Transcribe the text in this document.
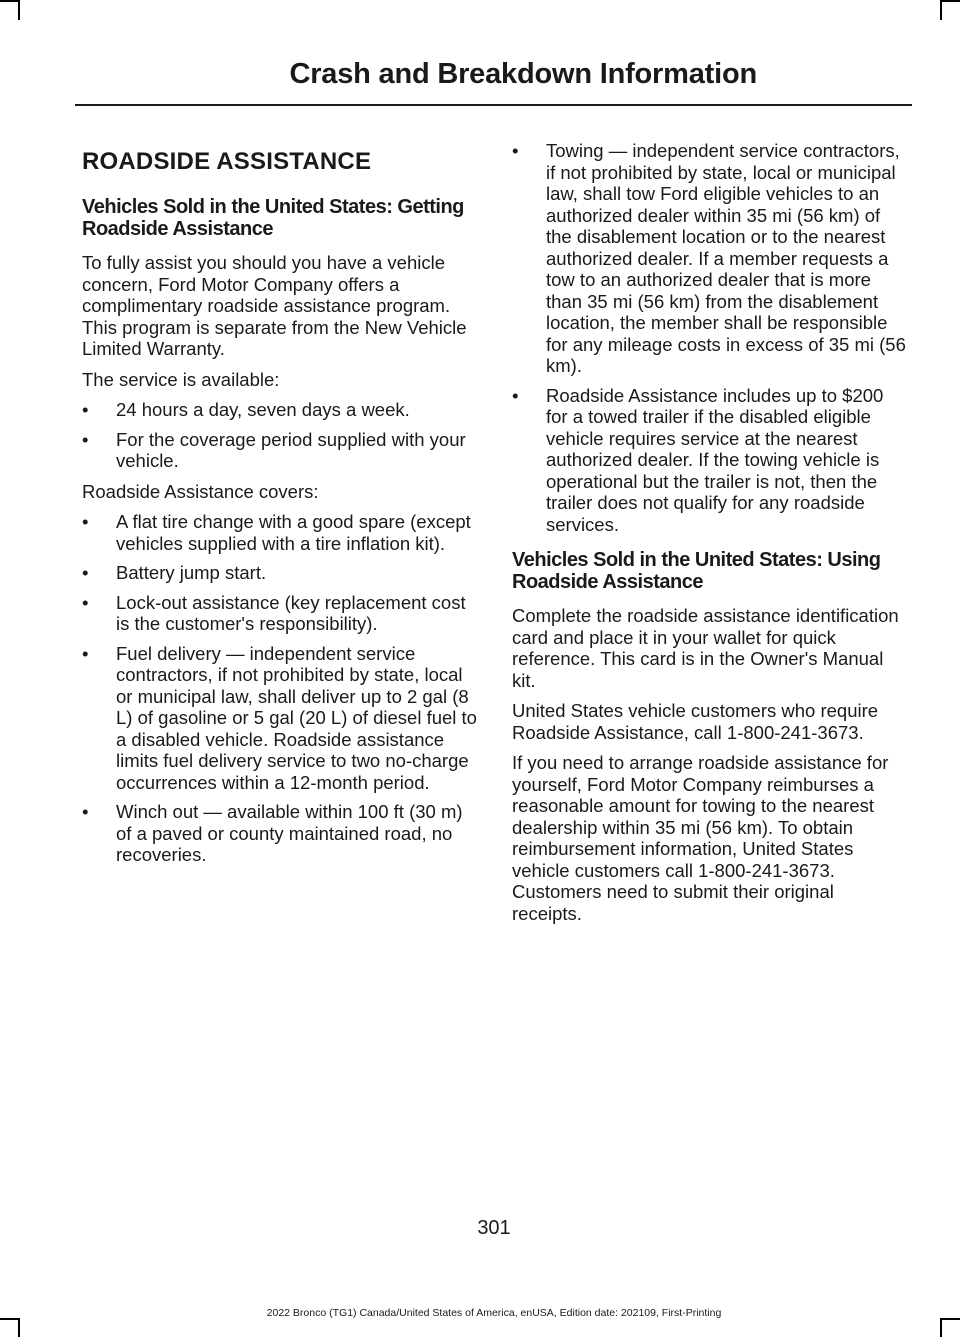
Crash and Breakdown Information
ROADSIDE ASSISTANCE
Vehicles Sold in the United States: Getting Roadside Assistance

To fully assist you should you have a vehicle concern, Ford Motor Company offers a complimentary roadside assistance program. This program is separate from the New Vehicle Limited Warranty.

The service is available:

• 24 hours a day, seven days a week.
• For the coverage period supplied with your vehicle.

Roadside Assistance covers:

• A flat tire change with a good spare (except vehicles supplied with a tire inflation kit).
• Battery jump start.
• Lock-out assistance (key replacement cost is the customer's responsibility).
• Fuel delivery — independent service contractors, if not prohibited by state, local or municipal law, shall deliver up to 2 gal (8 L) of gasoline or 5 gal (20 L) of diesel fuel to a disabled vehicle. Roadside assistance limits fuel delivery service to two no-charge occurrences within a 12-month period.
• Winch out — available within 100 ft (30 m) of a paved or county maintained road, no recoveries.
• Towing — independent service contractors, if not prohibited by state, local or municipal law, shall tow Ford eligible vehicles to an authorized dealer within 35 mi (56 km) of the disablement location or to the nearest authorized dealer. If a member requests a tow to an authorized dealer that is more than 35 mi (56 km) from the disablement location, the member shall be responsible for any mileage costs in excess of 35 mi (56 km).
• Roadside Assistance includes up to $200 for a towed trailer if the disabled eligible vehicle requires service at the nearest authorized dealer. If the towing vehicle is operational but the trailer is not, then the trailer does not qualify for any roadside services.
Vehicles Sold in the United States: Using Roadside Assistance

Complete the roadside assistance identification card and place it in your wallet for quick reference. This card is in the Owner's Manual kit.

United States vehicle customers who require Roadside Assistance, call 1-800-241-3673.

If you need to arrange roadside assistance for yourself, Ford Motor Company reimburses a reasonable amount for towing to the nearest dealership within 35 mi (56 km). To obtain reimbursement information, United States vehicle customers call 1-800-241-3673. Customers need to submit their original receipts.

301

2022 Bronco (TG1) Canada/United States of America, enUSA, Edition date: 202109, First-Printing
